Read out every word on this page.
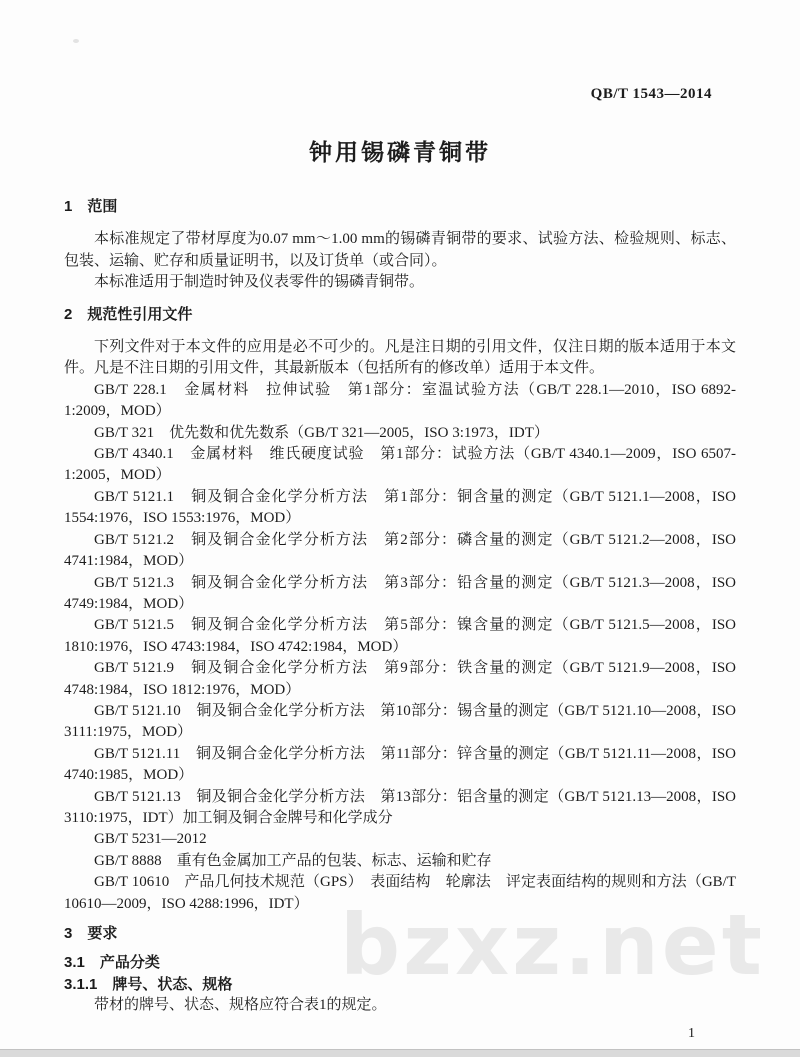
QB/T 1543—2014
钟用锡磷青铜带
bzxz.net
1　范围

本标准规定了带材厚度为0.07 mm～1.00 mm的锡磷青铜带的要求、试验方法、检验规则、标志、包装、运输、贮存和质量证明书，以及订货单（或合同）。

本标准适用于制造时钟及仪表零件的锡磷青铜带。

2　规范性引用文件

下列文件对于本文件的应用是必不可少的。凡是注日期的引用文件，仅注日期的版本适用于本文件。凡是不注日期的引用文件，其最新版本（包括所有的修改单）适用于本文件。

GB/T 228.1　金属材料　拉伸试验　第1部分：室温试验方法（GB/T 228.1—2010，ISO 6892-1:2009，MOD）

GB/T 321　优先数和优先数系（GB/T 321—2005，ISO 3:1973，IDT）

GB/T 4340.1　金属材料　维氏硬度试验　第1部分：试验方法（GB/T 4340.1—2009，ISO 6507-1:2005，MOD）

GB/T 5121.1　铜及铜合金化学分析方法　第1部分：铜含量的测定（GB/T 5121.1—2008，ISO 1554:1976，ISO 1553:1976，MOD）

GB/T 5121.2　铜及铜合金化学分析方法　第2部分：磷含量的测定（GB/T 5121.2—2008，ISO 4741:1984，MOD）

GB/T 5121.3　铜及铜合金化学分析方法　第3部分：铅含量的测定（GB/T 5121.3—2008，ISO 4749:1984，MOD）

GB/T 5121.5　铜及铜合金化学分析方法　第5部分：镍含量的测定（GB/T 5121.5—2008，ISO 1810:1976，ISO 4743:1984，ISO 4742:1984，MOD）

GB/T 5121.9　铜及铜合金化学分析方法　第9部分：铁含量的测定（GB/T 5121.9—2008，ISO 4748:1984，ISO 1812:1976，MOD）

GB/T 5121.10　铜及铜合金化学分析方法　第10部分：锡含量的测定（GB/T 5121.10—2008，ISO 3111:1975，MOD）

GB/T 5121.11　铜及铜合金化学分析方法　第11部分：锌含量的测定（GB/T 5121.11—2008，ISO 4740:1985，MOD）

GB/T 5121.13　铜及铜合金化学分析方法　第13部分：铝含量的测定（GB/T 5121.13—2008，ISO 3110:1975，IDT）加工铜及铜合金牌号和化学成分

GB/T 5231—2012

GB/T 8888　重有色金属加工产品的包装、标志、运输和贮存

GB/T 10610　产品几何技术规范（GPS）　表面结构　轮廓法　评定表面结构的规则和方法（GB/T 10610—2009，ISO 4288:1996，IDT）

3　要求
3.1　产品分类
3.1.1　牌号、状态、规格

带材的牌号、状态、规格应符合表1的规定。

1
